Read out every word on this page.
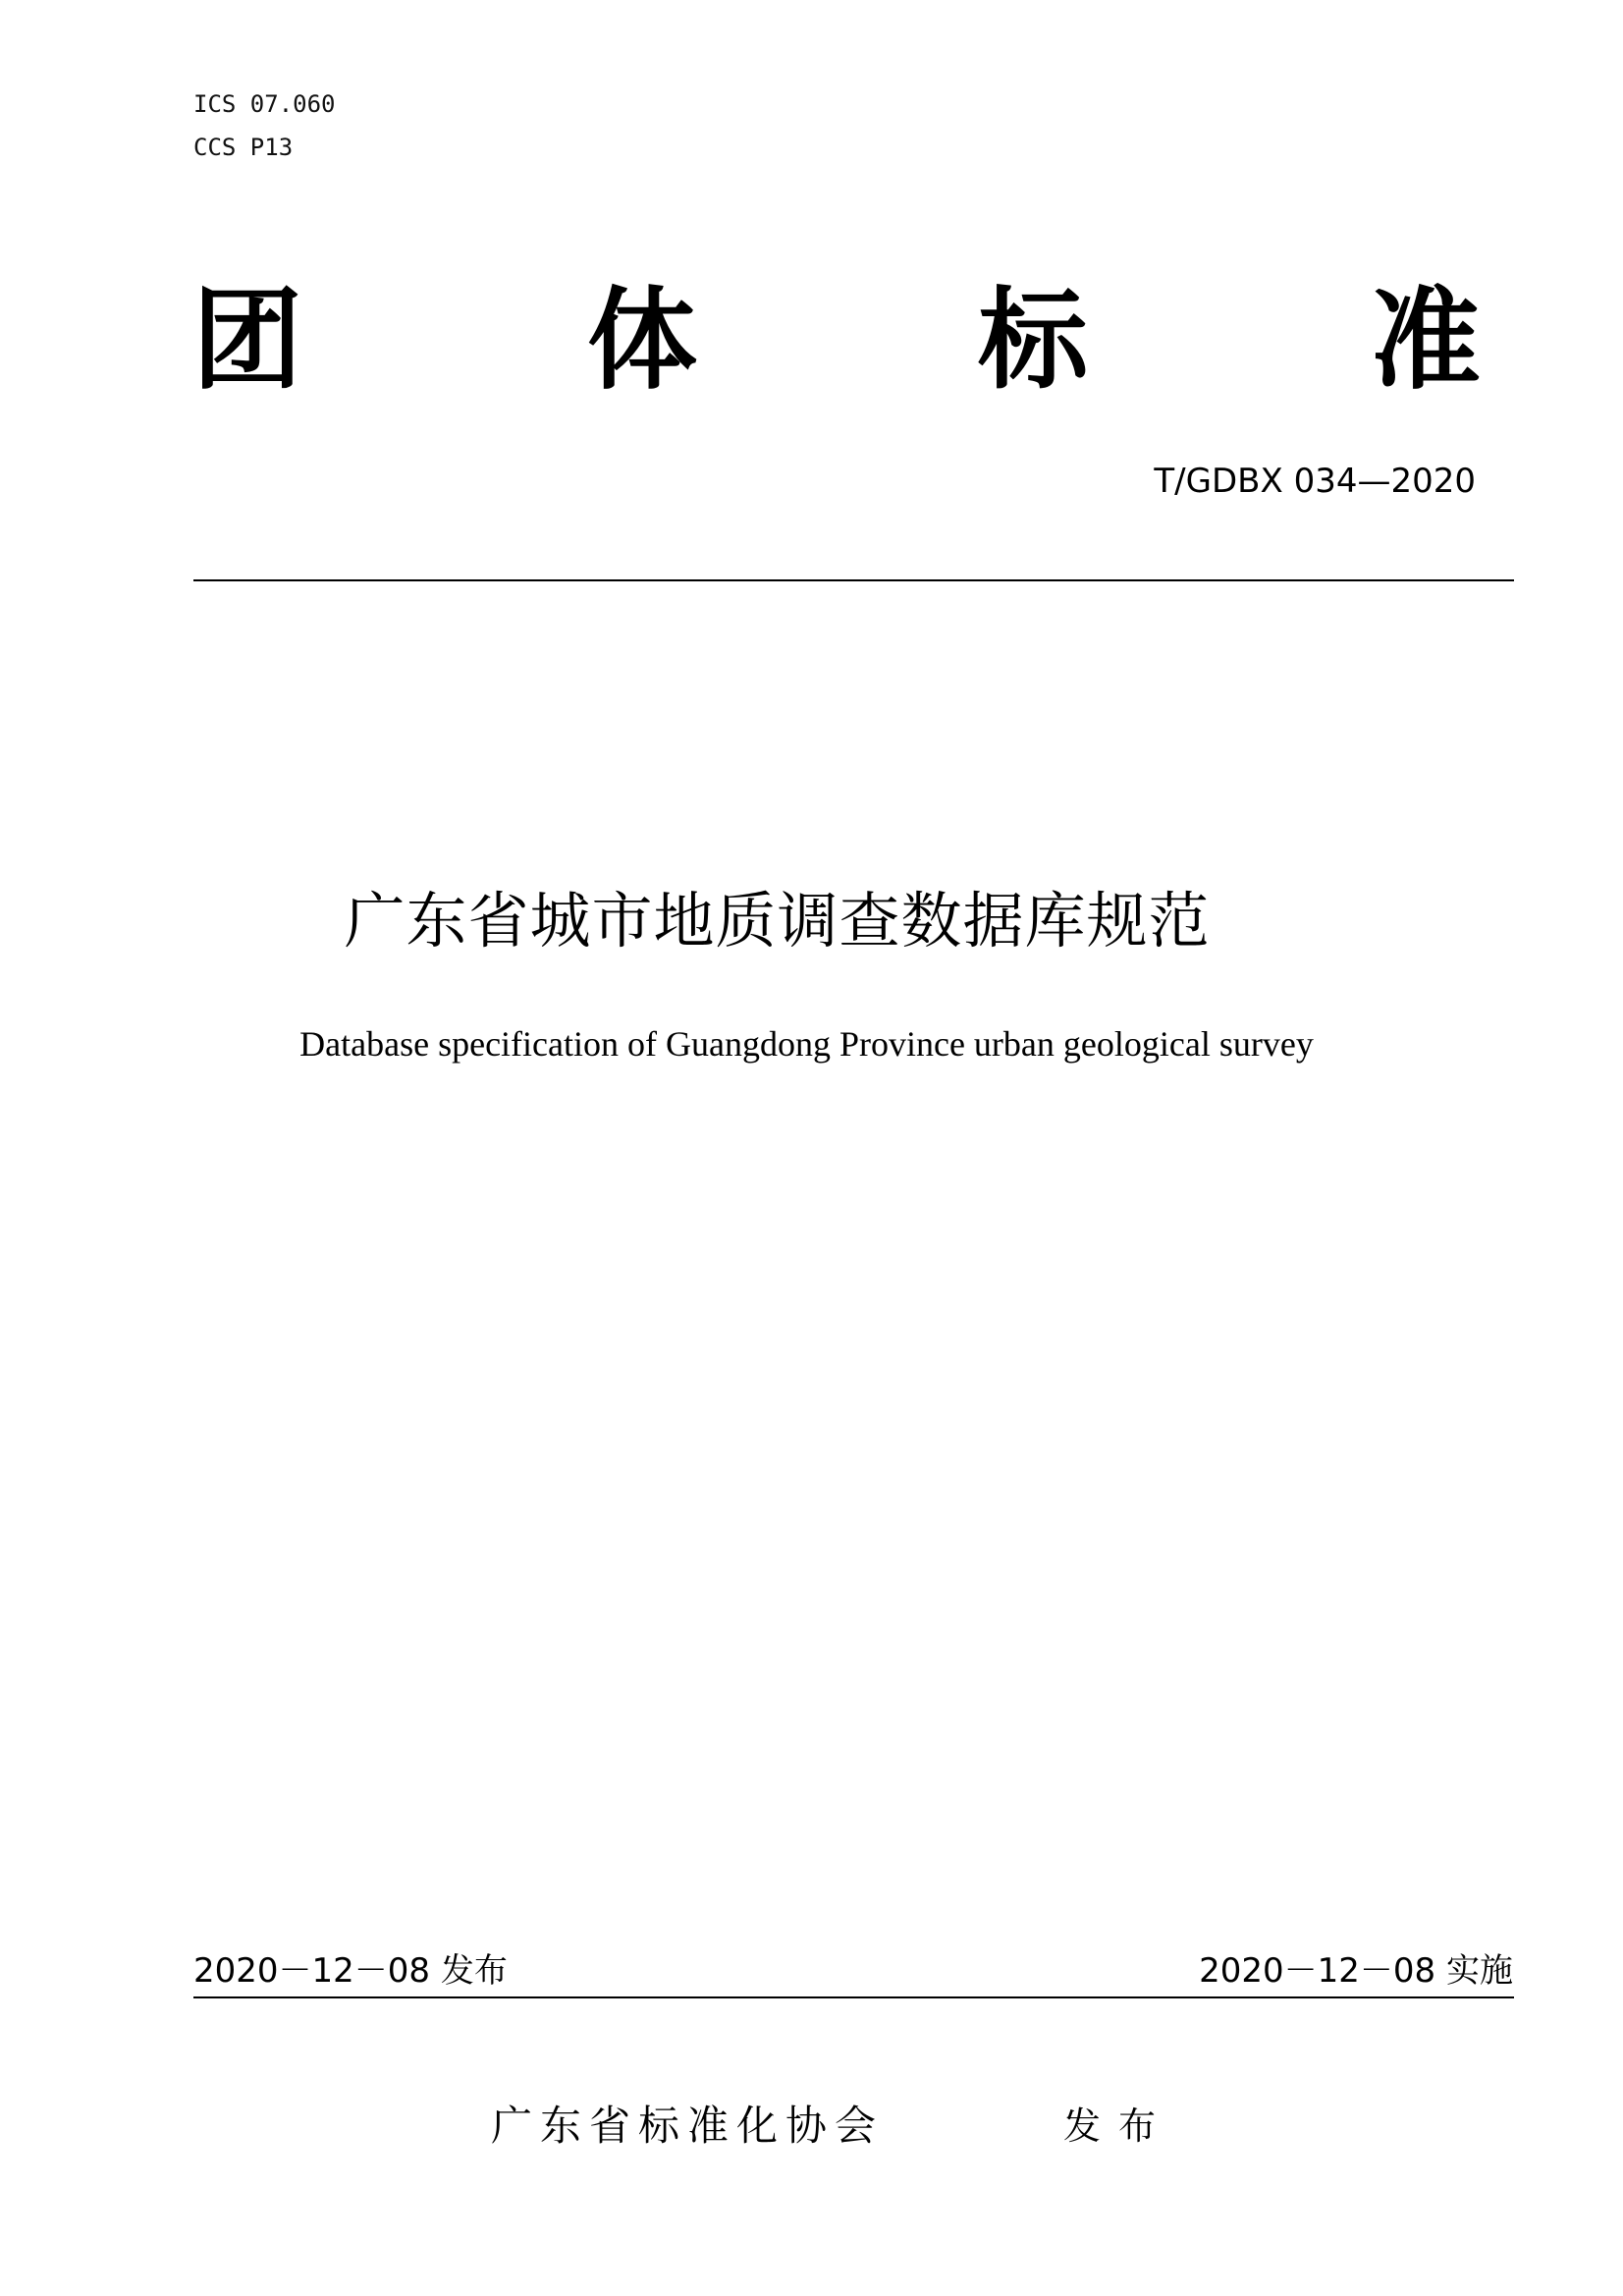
ICS 07.060
CCS P13
团	体	标	准
T/GDBX 034—2020
广东省城市地质调查数据库规范
Database specification of Guangdong Province urban geological survey
2020－12－08 发布	2020－12－08 实施
广东省标准化协会	发布
